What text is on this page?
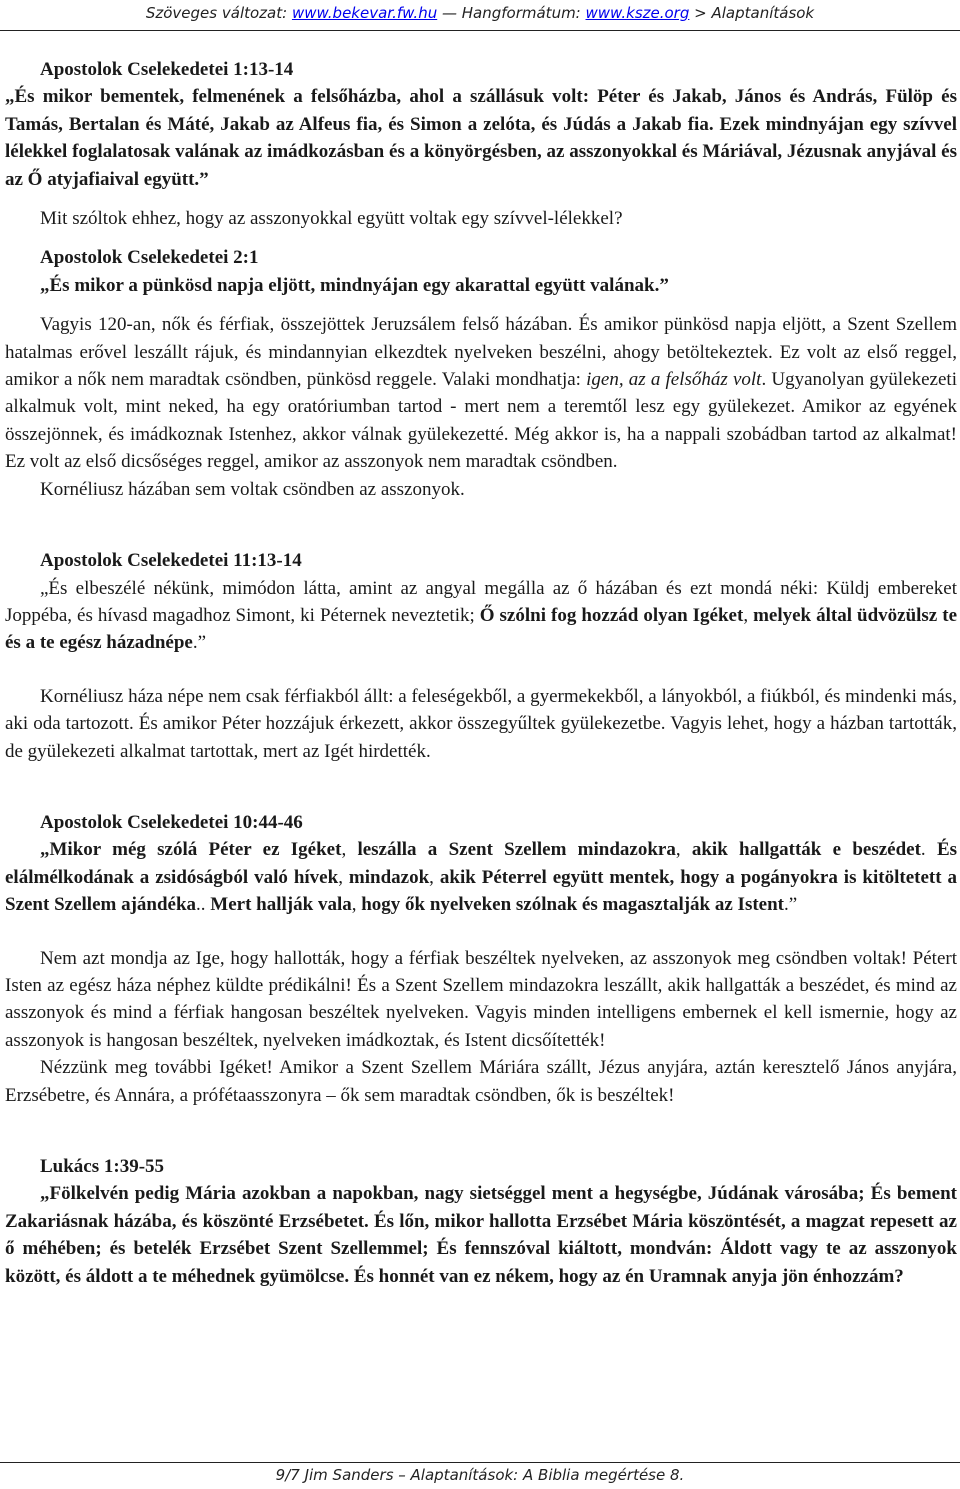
Szöveges változat: www.bekevar.fw.hu — Hangformátum: www.ksze.org > Alaptanítások

Apostolok Cselekedetei 1:13-14

„És mikor bementek, felmenének a felsőházba, ahol a szállásuk volt: Péter és Jakab, János és András, Fülöp és Tamás, Bertalan és Máté, Jakab az Alfeus fia, és Simon a zelóta, és Júdás a Jakab fia. Ezek mindnyájan egy szívvel lélekkel foglalatosak valának az imádkozásban és a könyörgésben, az asszonyokkal és Máriával, Jézusnak anyjával és az Ő atyjafiaival együtt.”

Mit szóltok ehhez, hogy az asszonyokkal együtt voltak egy szívvel-lélekkel?

Apostolok Cselekedetei 2:1

„És mikor a pünkösd napja eljött, mindnyájan egy akarattal együtt valának.”

Vagyis 120-an, nők és férfiak, összejöttek Jeruzsálem felső házában. És amikor pünkösd napja eljött, a Szent Szellem hatalmas erővel leszállt rájuk, és mindannyian elkezdtek nyelveken beszélni, ahogy betöltekeztek. Ez volt az első reggel, amikor a nők nem maradtak csöndben, pünkösd reggele. Valaki mondhatja: igen, az a felsőház volt. Ugyanolyan gyülekezeti alkalmuk volt, mint neked, ha egy oratóriumban tartod - mert nem a teremtől lesz egy gyülekezet. Amikor az egyének összejönnek, és imádkoznak Istenhez, akkor válnak gyülekezetté. Még akkor is, ha a nappali szobádban tartod az alkalmat! Ez volt az első dicsőséges reggel, amikor az asszonyok nem maradtak csöndben.

Kornéliusz házában sem voltak csöndben az asszonyok.

Apostolok Cselekedetei 11:13-14

„És elbeszélé nékünk, mimódon látta, amint az angyal megálla az ő házában és ezt mondá néki: Küldj embereket Joppéba, és hívasd magadhoz Simont, ki Péternek neveztetik; Ő szólni fog hozzád olyan Igéket, melyek által üdvözülsz te és a te egész házadnépe.”

Kornéliusz háza népe nem csak férfiakból állt: a feleségekből, a gyermekekből, a lányokból, a fiúkból, és mindenki más, aki oda tartozott. És amikor Péter hozzájuk érkezett, akkor összegyűltek gyülekezetbe. Vagyis lehet, hogy a házban tartották, de gyülekezeti alkalmat tartottak, mert az Igét hirdették.

Apostolok Cselekedetei 10:44-46

„Mikor még szólá Péter ez Igéket, leszálla a Szent Szellem mindazokra, akik hallgatták e beszédet. És elálmélkodának a zsidóságból való hívek, mindazok, akik Péterrel együtt mentek, hogy a pogányokra is kitöltetett a Szent Szellem ajándéka.. Mert hallják vala, hogy ők nyelveken szólnak és magasztalják az Istent.”

Nem azt mondja az Ige, hogy hallották, hogy a férfiak beszéltek nyelveken, az asszonyok meg csöndben voltak! Pétert Isten az egész háza néphez küldte prédikálni! És a Szent Szellem mindazokra leszállt, akik hallgatták a beszédet, és mind az asszonyok és mind a férfiak hangosan beszéltek nyelveken. Vagyis minden intelligens embernek el kell ismernie, hogy az asszonyok is hangosan beszéltek, nyelveken imádkoztak, és Istent dicsőítették!

Nézzünk meg további Igéket! Amikor a Szent Szellem Máriára szállt, Jézus anyjára, aztán keresztelő János anyjára, Erzsébetre, és Annára, a prófétaasszonyra – ők sem maradtak csöndben, ők is beszéltek!

Lukács 1:39-55

„Fölkelvén pedig Mária azokban a napokban, nagy sietséggel ment a hegységbe, Júdának városába; És bement Zakariásnak házába, és köszönté Erzsébetet. És lőn, mikor hallotta Erzsébet Mária köszöntését, a magzat repesett az ő méhében; és betelék Erzsébet Szent Szellemmel; És fennszóval kiáltott, mondván: Áldott vagy te az asszonyok között, és áldott a te méhednek gyümölcse. És honnét van ez nékem, hogy az én Uramnak anyja jön énhozzám?

9/7 Jim Sanders – Alaptanítások: A Biblia megértése 8.
